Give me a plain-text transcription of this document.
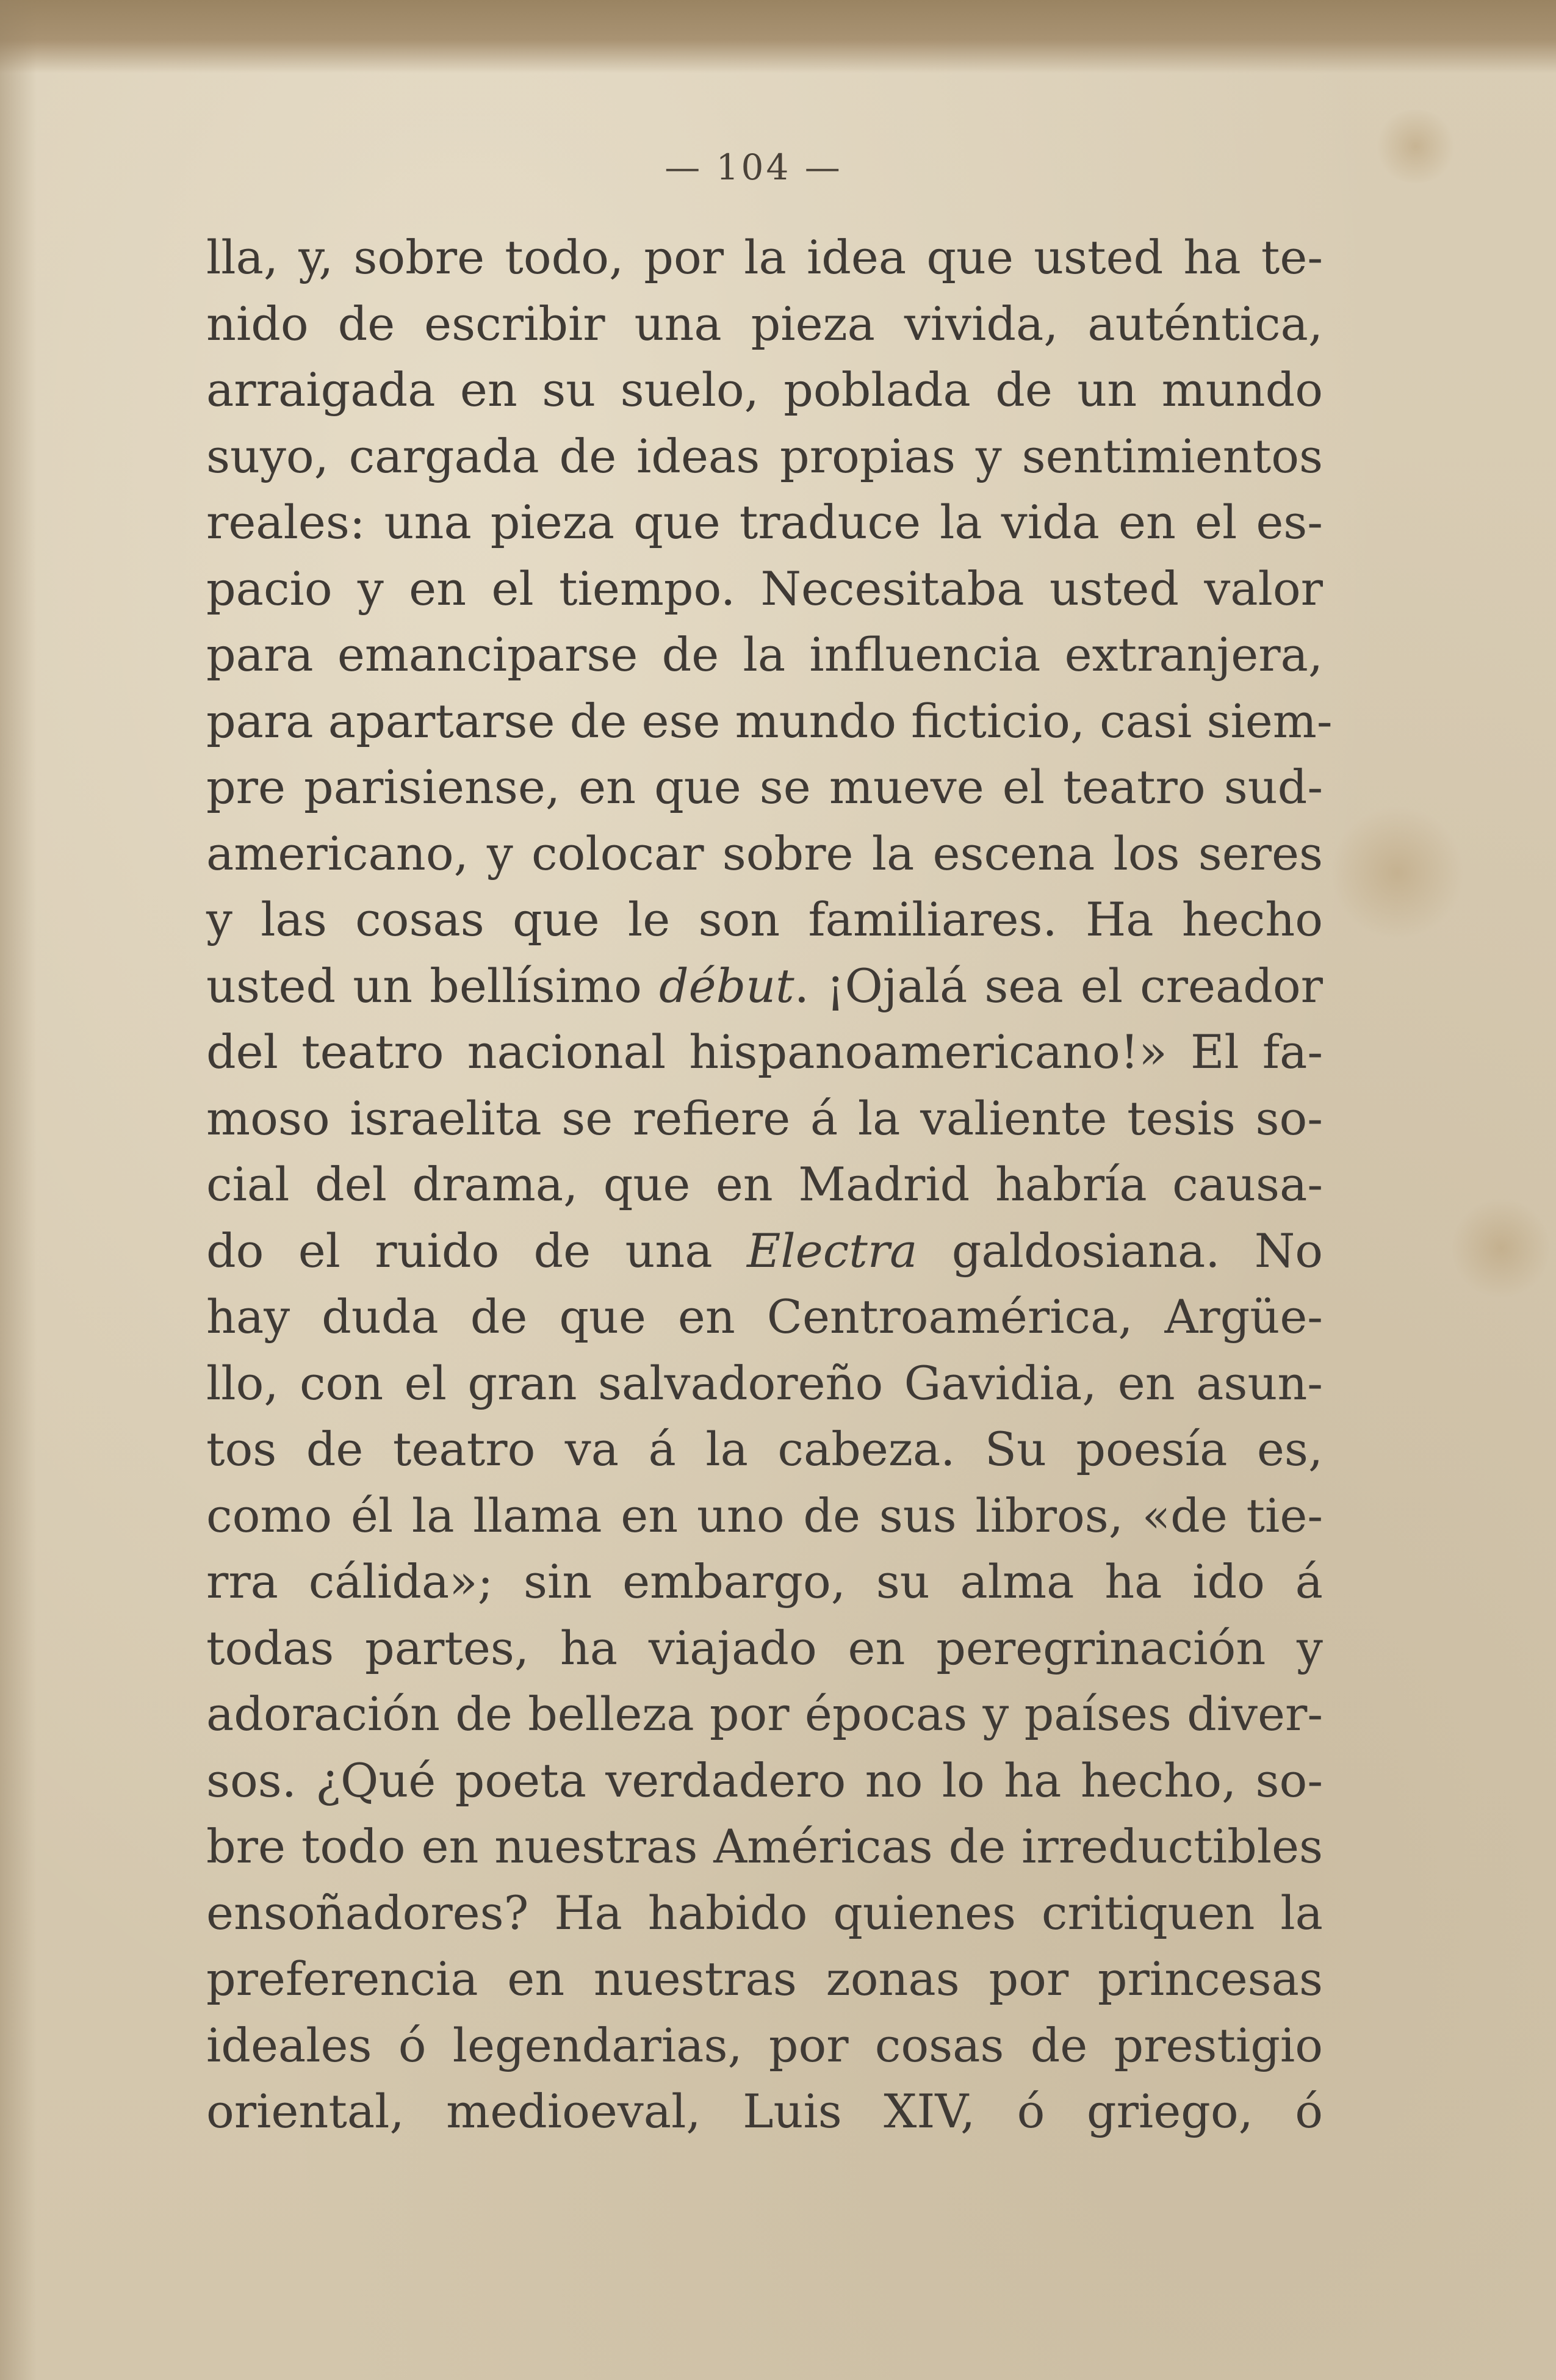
— 104 —
lla, y, sobre todo, por la idea que usted ha te-
nido de escribir una pieza vivida, auténtica,
arraigada en su suelo, poblada de un mundo
suyo, cargada de ideas propias y sentimientos
reales: una pieza que traduce la vida en el es-
pacio y en el tiempo. Necesitaba usted valor
para emanciparse de la influencia extranjera,
para apartarse de ese mundo ficticio, casi siem-
pre parisiense, en que se mueve el teatro sud-
americano, y colocar sobre la escena los seres
y las cosas que le son familiares. Ha hecho
usted un bellísimo début. ¡Ojalá sea el creador
del teatro nacional hispanoamericano!» El fa-
moso israelita se refiere á la valiente tesis so-
cial del drama, que en Madrid habría causa-
do el ruido de una Electra galdosiana. No
hay duda de que en Centroamérica, Argüe-
llo, con el gran salvadoreño Gavidia, en asun-
tos de teatro va á la cabeza. Su poesía es,
como él la llama en uno de sus libros, «de tie-
rra cálida»; sin embargo, su alma ha ido á
todas partes, ha viajado en peregrinación y
adoración de belleza por épocas y países diver-
sos. ¿Qué poeta verdadero no lo ha hecho, so-
bre todo en nuestras Américas de irreductibles
ensoñadores? Ha habido quienes critiquen la
preferencia en nuestras zonas por princesas
ideales ó legendarias, por cosas de prestigio
oriental, medioeval, Luis XIV, ó griego, ó
